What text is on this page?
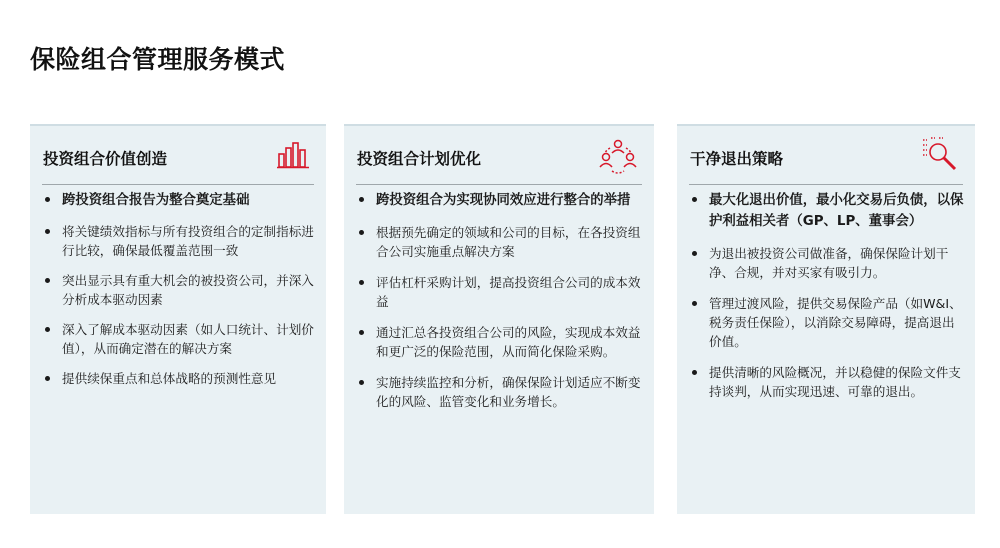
保险组合管理服务模式
投资组合价值创造
跨投资组合报告为整合奠定基础
将关键绩效指标与所有投资组合的定制指标进行比较，确保最低覆盖范围一致
突出显示具有重大机会的被投资公司，并深入分析成本驱动因素
深入了解成本驱动因素（如人口统计、计划价值），从而确定潜在的解决方案
提供续保重点和总体战略的预测性意见
投资组合计划优化
跨投资组合为实现协同效应进行整合的举措
根据预先确定的领域和公司的目标，在各投资组合公司实施重点解决方案
评估杠杆采购计划，提高投资组合公司的成本效益
通过汇总各投资组合公司的风险，实现成本效益和更广泛的保险范围，从而简化保险采购。
实施持续监控和分析，确保保险计划适应不断变化的风险、监管变化和业务增长。
干净退出策略
最大化退出价值，最小化交易后负债，以保护利益相关者（GP、LP、董事会）
为退出被投资公司做准备，确保保险计划干净、合规，并对买家有吸引力。
管理过渡风险，提供交易保险产品（如W&I、税务责任保险），以消除交易障碍，提高退出价值。
提供清晰的风险概况，并以稳健的保险文件支持谈判，从而实现迅速、可靠的退出。
